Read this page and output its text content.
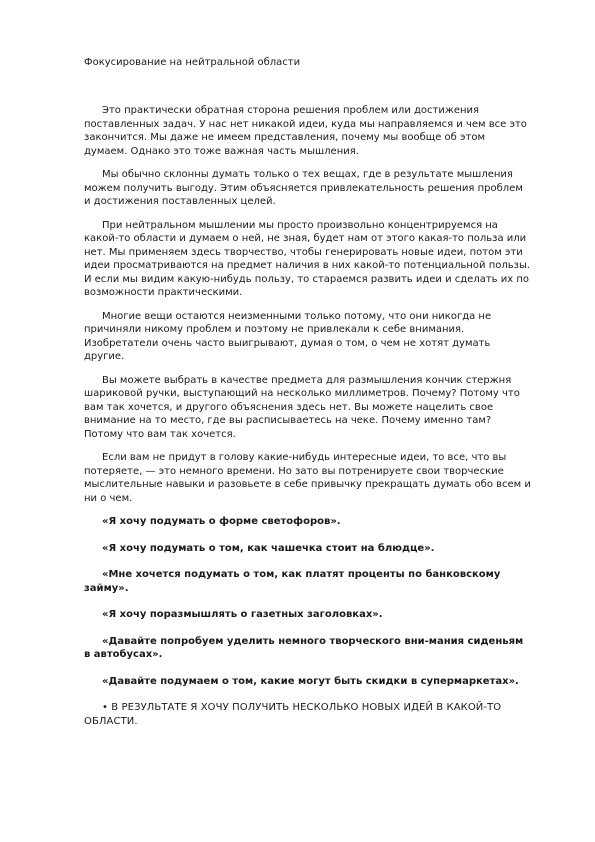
Фокусирование на нейтральной области

Это практически обратная сторона решения проблем или достижения поставленных задач. У нас нет никакой идеи, куда мы направляемся и чем все это закончится. Мы даже не имеем представления, почему мы вообще об этом думаем. Однако это тоже важная часть мышления.

Мы обычно склонны думать только о тех вещах, где в результате мышления можем получить выгоду. Этим объясняется привлекательность решения проблем и достижения поставленных целей.

При нейтральном мышлении мы просто произвольно концентрируемся на какой-то области и думаем о ней, не зная, будет нам от этого какая-то польза или нет. Мы применяем здесь творчество, чтобы генерировать новые идеи, потом эти идеи просматриваются на предмет наличия в них какой-то потенциальной пользы. И если мы видим какую-нибудь пользу, то стараемся развить идеи и сделать их по возможности практическими.

Многие вещи остаются неизменными только потому, что они никогда не причиняли никому проблем и поэтому не привлекали к себе внимания. Изобретатели очень часто выигрывают, думая о том, о чем не хотят думать другие.

Вы можете выбрать в качестве предмета для размышления кончик стержня шариковой ручки, выступающий на несколько миллиметров. Почему? Потому что вам так хочется, и другого объяснения здесь нет. Вы можете нацелить свое внимание на то место, где вы расписываетесь на чеке. Почему именно там? Потому что вам так хочется.

Если вам не придут в голову какие-нибудь интересные идеи, то все, что вы потеряете, — это немного времени. Но зато вы потренируете свои творческие мыслительные навыки и разовьете в себе привычку прекращать думать обо всем и ни о чем.

«Я хочу подумать о форме светофоров».

«Я хочу подумать о том, как чашечка стоит на блюдце».

«Мне хочется подумать о том, как платят проценты по банковскому займу».

«Я хочу поразмышлять о газетных заголовках».

«Давайте попробуем уделить немного творческого вни-мания сиденьям в автобусах».

«Давайте подумаем о том, какие могут быть скидки в супермаркетах».

• В РЕЗУЛЬТАТЕ Я ХОЧУ ПОЛУЧИТЬ НЕСКОЛЬКО НОВЫХ ИДЕЙ В КАКОЙ-ТО ОБЛАСТИ.
